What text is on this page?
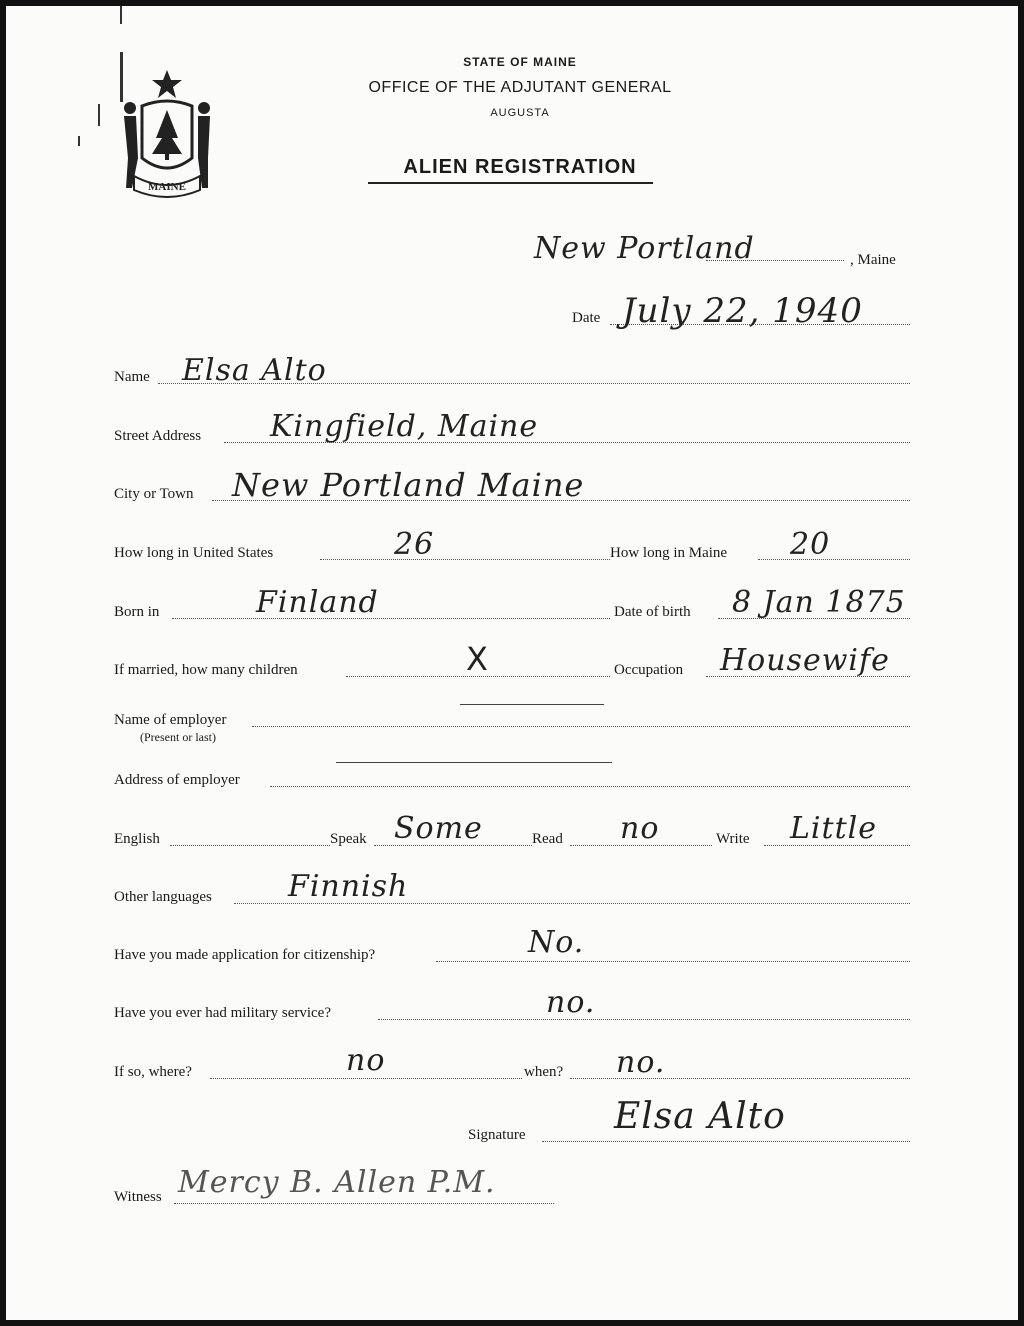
MAINE
STATE OF MAINE
OFFICE OF THE ADJUTANT GENERAL
AUGUSTA
ALIEN REGISTRATION
New Portland	, Maine
Date July 22, 1940
Name Elsa Alto
Street Address Kingfield, Maine
City or Town New Portland Maine
How long in United States	26	How long in Maine 20
Born in	Finland	Date of birth 8 Jan 1875
If married, how many children	X	Occupation Housewife
Name of employer
(Present or last)
Address of employer
English	Speak Some	Read no	Write Little
Other languages	Finnish
Have you made application for citizenship?	No.
Have you ever had military service?	no.
If so, where?	no	when? no.
Signature Elsa Alto
Witness Mercy B. Allen P.M.
